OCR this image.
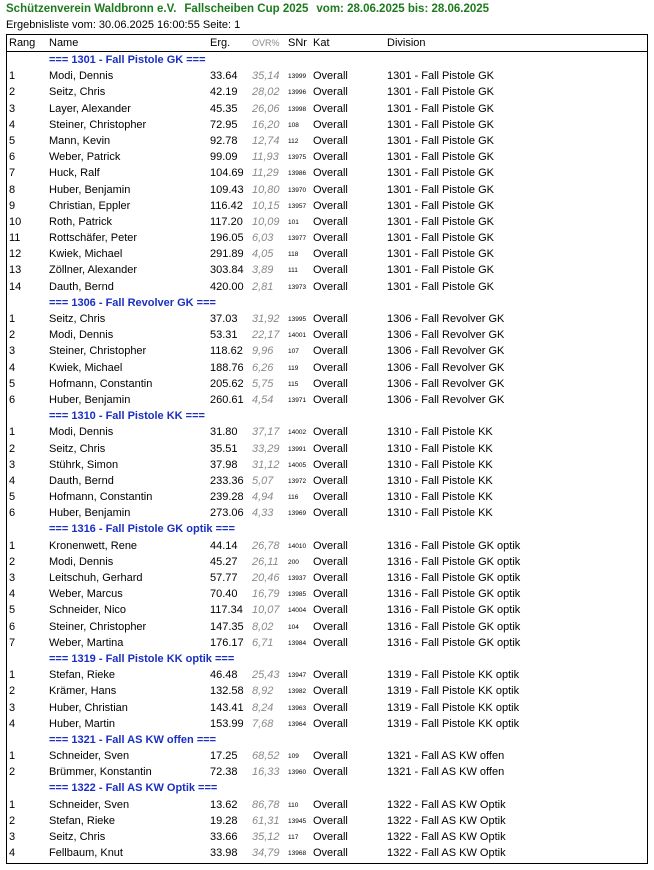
Schützenverein Waldbronn e.V. Fallscheiben Cup 2025 vom: 28.06.2025 bis: 28.06.2025
Ergebnisliste vom: 30.06.2025 16:00:55 Seite: 1
Rang Name	Erg. OVR% SNr Kat	Division
=== 1301 - Fall Pistole GK ===
1	Modi, Dennis	33.64 35,14 13999 Overall	1301 - Fall Pistole GK
2	Seitz, Chris	42.19 28,02 13996 Overall	1301 - Fall Pistole GK
3	Layer, Alexander	45.35 26,06 13998 Overall	1301 - Fall Pistole GK
4	Steiner, Christopher	72.95 16,20 108 Overall	1301 - Fall Pistole GK
5	Mann, Kevin	92.78 12,74 112 Overall	1301 - Fall Pistole GK
6	Weber, Patrick	99.09 11,93 13975 Overall	1301 - Fall Pistole GK
7	Huck, Ralf	104.69 11,29 13986 Overall	1301 - Fall Pistole GK
8	Huber, Benjamin	109.43 10,80 13970 Overall	1301 - Fall Pistole GK
9	Christian, Eppler	116.42 10,15 13957 Overall	1301 - Fall Pistole GK
10	Roth, Patrick	117.20 10,09 101 Overall	1301 - Fall Pistole GK
11	Rottschäfer, Peter	196.05 6,03 13977 Overall	1301 - Fall Pistole GK
12	Kwiek, Michael	291.89 4,05 118 Overall	1301 - Fall Pistole GK
13	Zöllner, Alexander	303.84 3,89 111 Overall	1301 - Fall Pistole GK
14	Dauth, Bernd	420.00 2,81 13973 Overall	1301 - Fall Pistole GK
=== 1306 - Fall Revolver GK ===
1	Seitz, Chris	37.03 31,92 13995 Overall	1306 - Fall Revolver GK
2	Modi, Dennis	53.31 22,17 14001 Overall	1306 - Fall Revolver GK
3	Steiner, Christopher	118.62 9,96 107 Overall	1306 - Fall Revolver GK
4	Kwiek, Michael	188.76 6,26 119 Overall	1306 - Fall Revolver GK
5	Hofmann, Constantin	205.62 5,75 115 Overall	1306 - Fall Revolver GK
6	Huber, Benjamin	260.61 4,54 13971 Overall	1306 - Fall Revolver GK
=== 1310 - Fall Pistole KK ===
1	Modi, Dennis	31.80 37,17 14002 Overall	1310 - Fall Pistole KK
2	Seitz, Chris	35.51 33,29 13991 Overall	1310 - Fall Pistole KK
3	Stührk, Simon	37.98 31,12 14005 Overall	1310 - Fall Pistole KK
4	Dauth, Bernd	233.36 5,07 13972 Overall	1310 - Fall Pistole KK
5	Hofmann, Constantin	239.28 4,94 116 Overall	1310 - Fall Pistole KK
6	Huber, Benjamin	273.06 4,33 13969 Overall	1310 - Fall Pistole KK
=== 1316 - Fall Pistole GK optik ===
1	Kronenwett, Rene	44.14 26,78 14010 Overall	1316 - Fall Pistole GK optik
2	Modi, Dennis	45.27 26,11 200 Overall	1316 - Fall Pistole GK optik
3	Leitschuh, Gerhard	57.77 20,46 13937 Overall	1316 - Fall Pistole GK optik
4	Weber, Marcus	70.40 16,79 13985 Overall	1316 - Fall Pistole GK optik
5	Schneider, Nico	117.34 10,07 14004 Overall	1316 - Fall Pistole GK optik
6	Steiner, Christopher	147.35 8,02 104 Overall	1316 - Fall Pistole GK optik
7	Weber, Martina	176.17 6,71 13984 Overall	1316 - Fall Pistole GK optik
=== 1319 - Fall Pistole KK optik ===
1	Stefan, Rieke	46.48 25,43 13947 Overall	1319 - Fall Pistole KK optik
2	Krämer, Hans	132.58 8,92 13982 Overall	1319 - Fall Pistole KK optik
3	Huber, Christian	143.41 8,24 13963 Overall	1319 - Fall Pistole KK optik
4	Huber, Martin	153.99 7,68 13964 Overall	1319 - Fall Pistole KK optik
=== 1321 - Fall AS KW offen ===
1	Schneider, Sven	17.25 68,52 109 Overall	1321 - Fall AS KW offen
2	Brümmer, Konstantin	72.38 16,33 13960 Overall	1321 - Fall AS KW offen
=== 1322 - Fall AS KW Optik ===
1	Schneider, Sven	13.62 86,78 110 Overall	1322 - Fall AS KW Optik
2	Stefan, Rieke	19.28 61,31 13945 Overall	1322 - Fall AS KW Optik
3	Seitz, Chris	33.66 35,12 117 Overall	1322 - Fall AS KW Optik
4	Fellbaum, Knut	33.98 34,79 13968 Overall	1322 - Fall AS KW Optik
